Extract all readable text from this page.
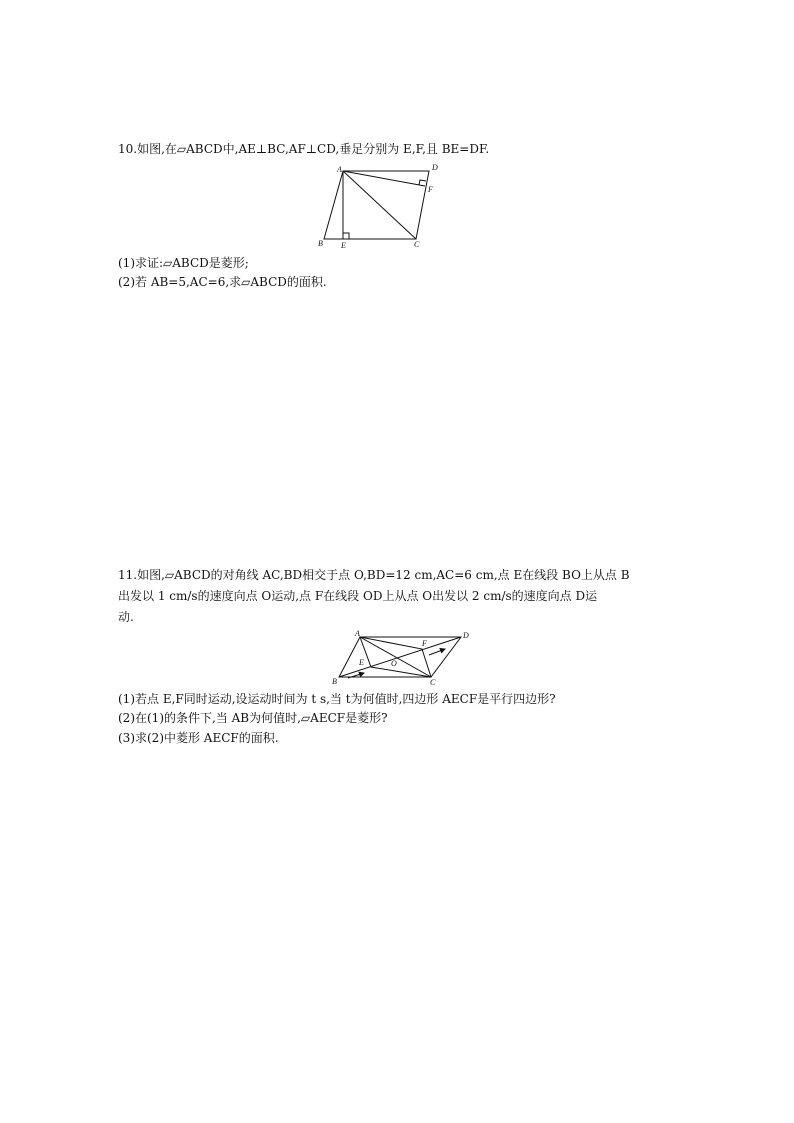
10.如图,在▱ABCD中,AE⊥BC,AF⊥CD,垂足分别为 E,F,且 BE=DF.
A	D
F
B E	C
(1)求证:▱ABCD是菱形;
(2)若 AB=5,AC=6,求▱ABCD的面积.
11.如图,▱ABCD的对角线 AC,BD相交于点 O,BD=12 cm,AC=6 cm,点 E在线段 BO上从点 B
出发以 1 cm/s的速度向点 O运动,点 F在线段 OD上从点 O出发以 2 cm/s的速度向点 D运
动.
A	D
F
O
E
B	C
(1)若点 E,F同时运动,设运动时间为 t s,当 t为何值时,四边形 AECF是平行四边形?
(2)在(1)的条件下,当 AB为何值时,▱AECF是菱形?
(3)求(2)中菱形 AECF的面积.
